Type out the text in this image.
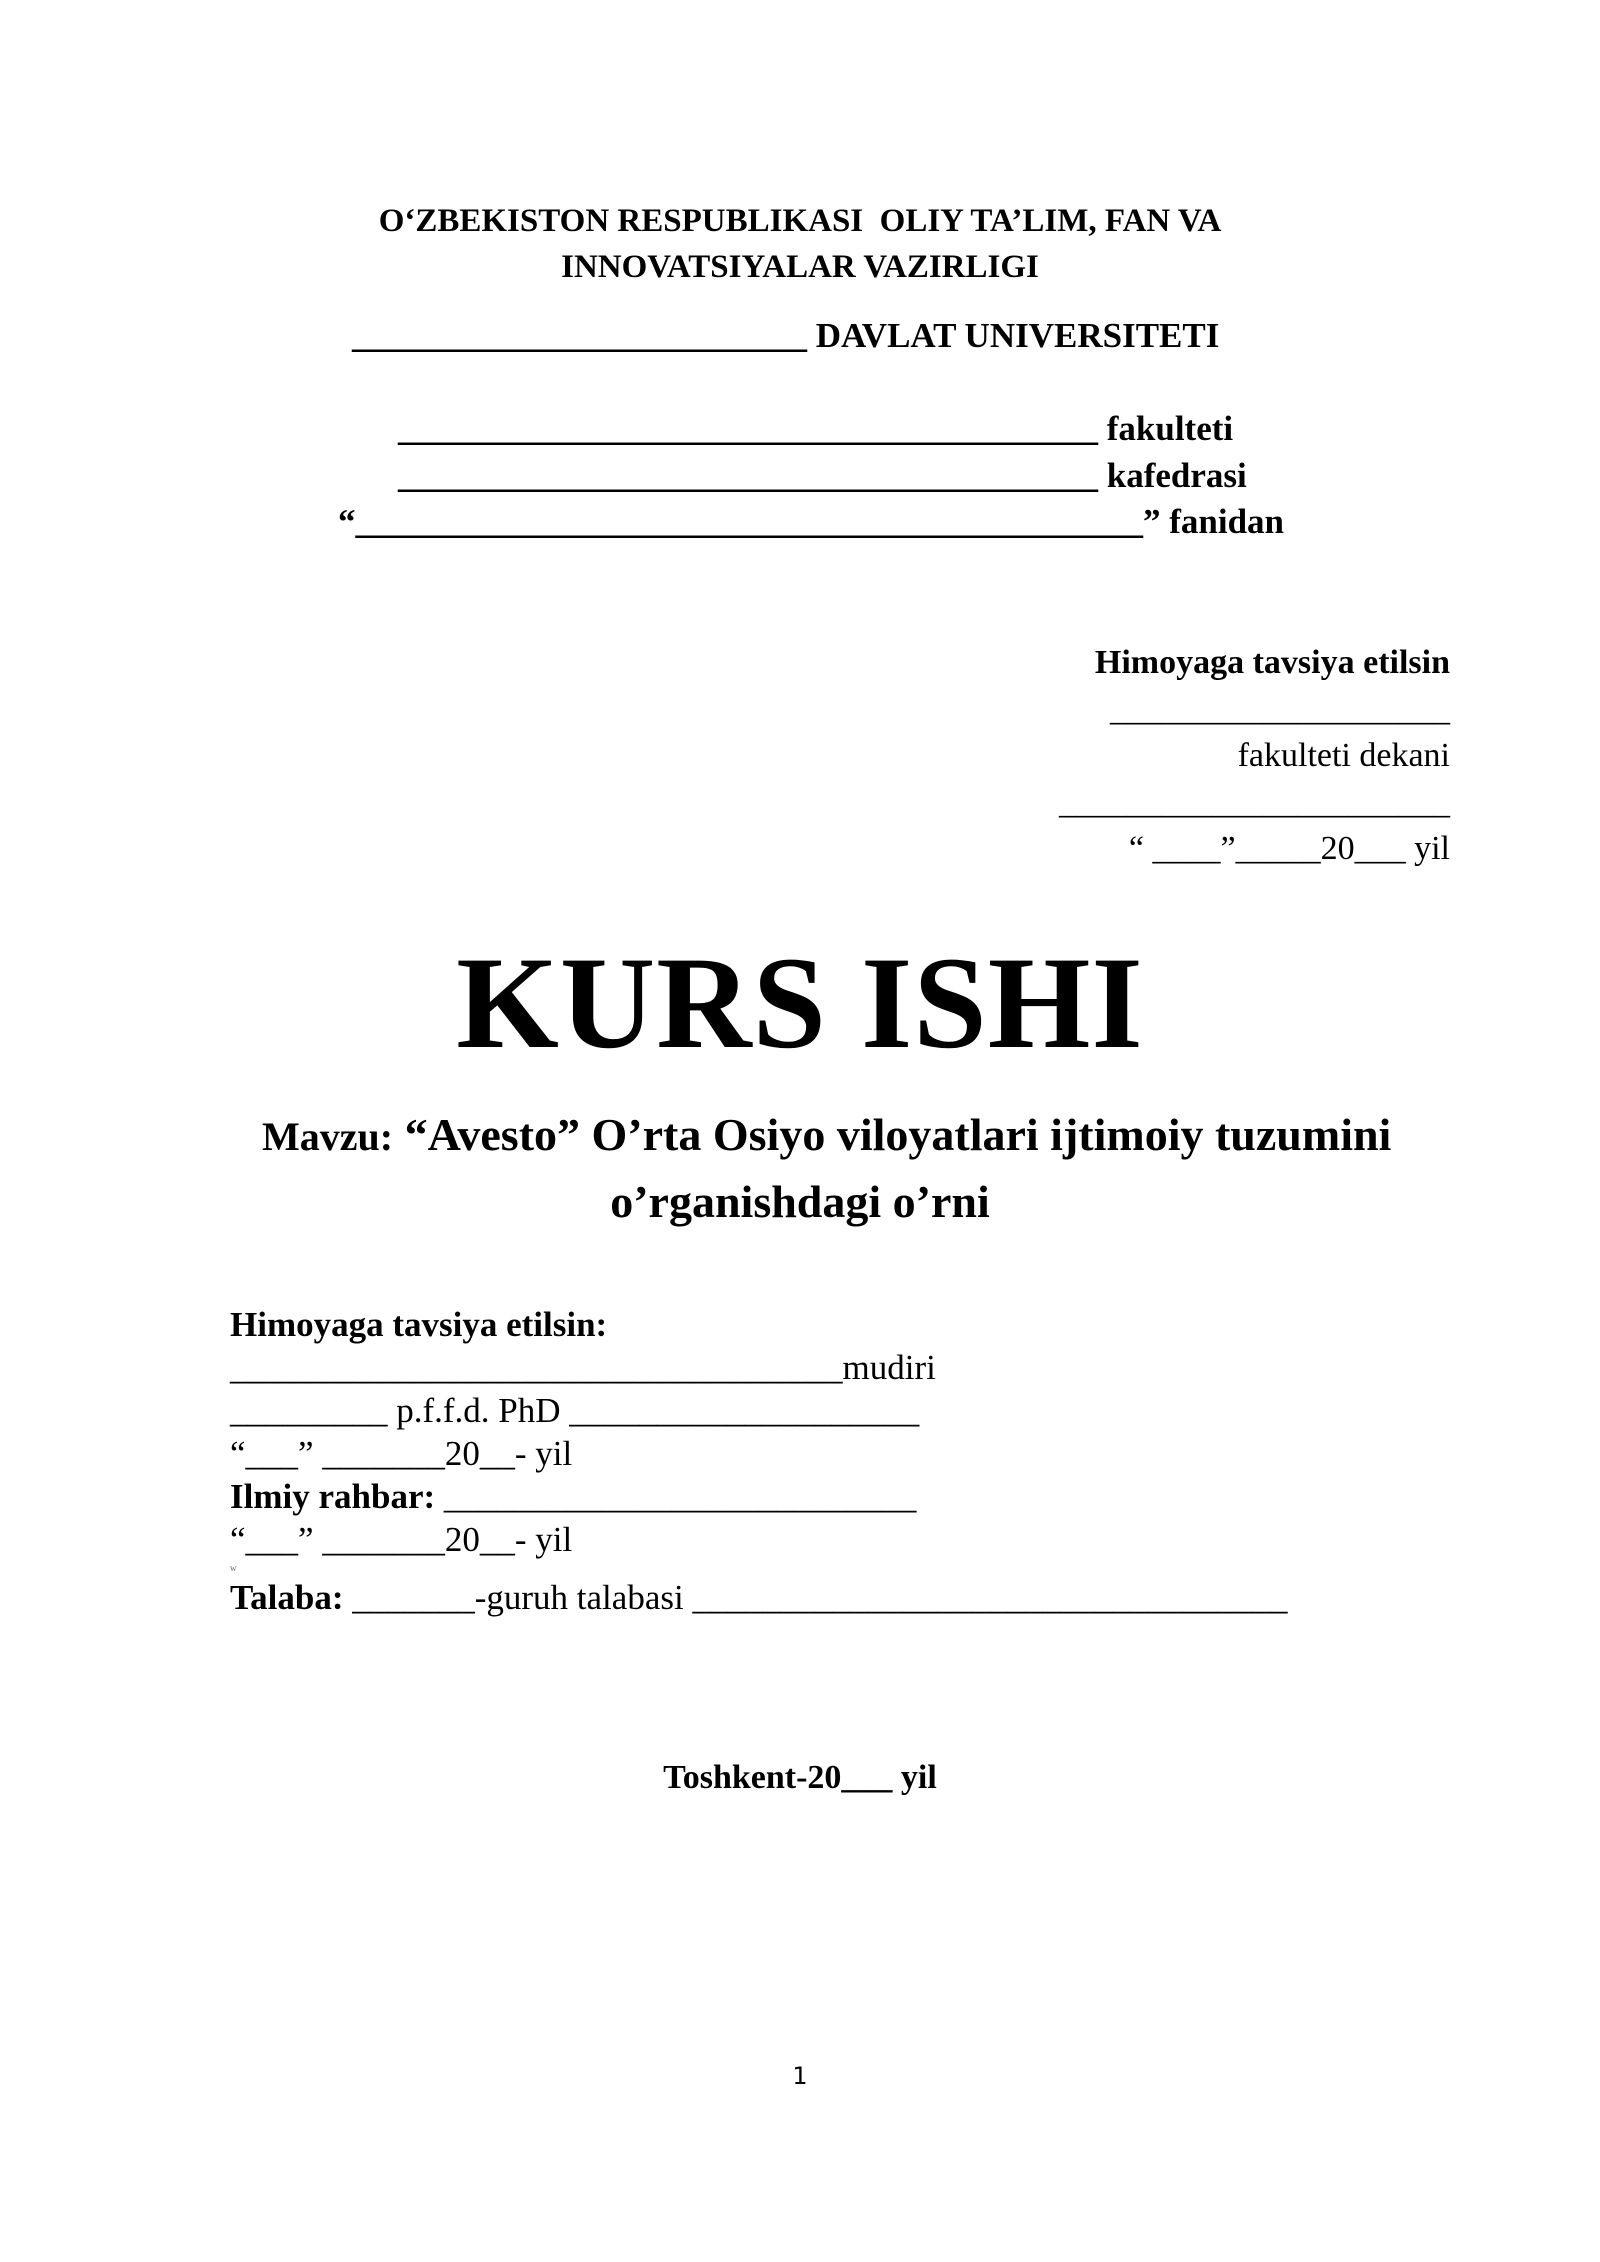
O‘ZBEKISTON RESPUBLIKASI  OLIY TA’LIM, FAN VA
INNOVATSIYALAR VAZIRLIGI
__________________________ DAVLAT UNIVERSITETI
________________________________________ fakulteti
________________________________________ kafedrasi
“_____________________________________________” fanidan
Himoyaga tavsiya etilsin
____________________
fakulteti dekani
_______________________
“ ____”_____20___ yil
KURS ISHI
Mavzu: “Avesto” O’rta Osiyo viloyatlari ijtimoiy tuzumini
o’rganishdagi o’rni
Himoyaga tavsiya etilsin:
___________________________________mudiri
_________ p.f.f.d. PhD ____________________
“___” _______20__- yil
Ilmiy rahbar: ___________________________
“___” _______20__- yil
w
Talaba: _______-guruh talabasi __________________________________
Toshkent-20___ yil
1
